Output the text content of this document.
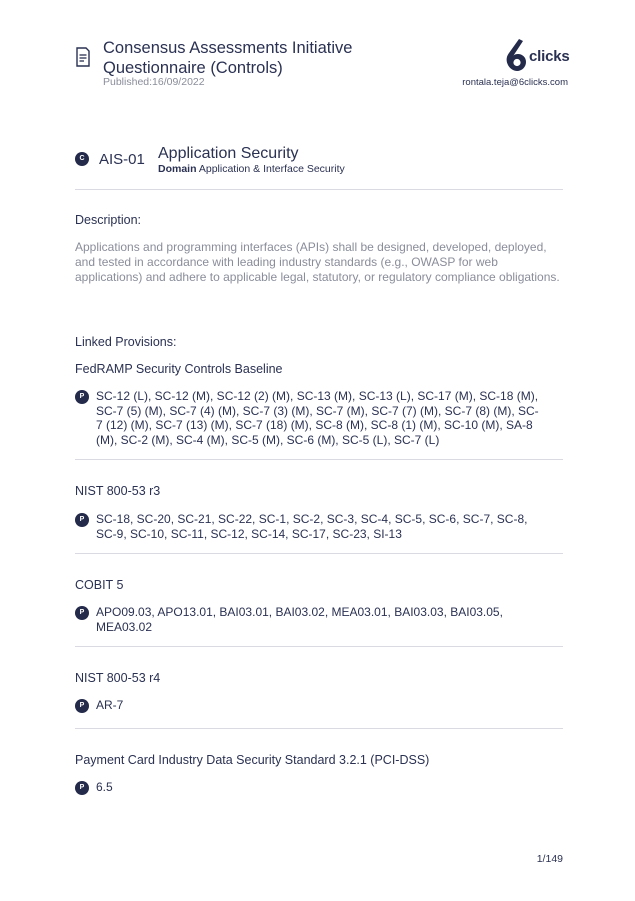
Consensus Assessments Initiative Questionnaire (Controls)
Published:16/09/2022
clicks
rontala.teja@6clicks.com
C AIS-01 Application Security
Domain Application & Interface Security
Description:
Applications and programming interfaces (APIs) shall be designed, developed, deployed, and tested in accordance with leading industry standards (e.g., OWASP for web applications) and adhere to applicable legal, statutory, or regulatory compliance obligations.
Linked Provisions:
FedRAMP Security Controls Baseline
P SC-12 (L), SC-12 (M), SC-12 (2) (M), SC-13 (M), SC-13 (L), SC-17 (M), SC-18 (M), SC-7 (5) (M), SC-7 (4) (M), SC-7 (3) (M), SC-7 (M), SC-7 (7) (M), SC-7 (8) (M), SC-7 (12) (M), SC-7 (13) (M), SC-7 (18) (M), SC-8 (M), SC-8 (1) (M), SC-10 (M), SA-8 (M), SC-2 (M), SC-4 (M), SC-5 (M), SC-6 (M), SC-5 (L), SC-7 (L)
NIST 800-53 r3
P SC-18, SC-20, SC-21, SC-22, SC-1, SC-2, SC-3, SC-4, SC-5, SC-6, SC-7, SC-8, SC-9, SC-10, SC-11, SC-12, SC-14, SC-17, SC-23, SI-13
COBIT 5
P APO09.03, APO13.01, BAI03.01, BAI03.02, MEA03.01, BAI03.03, BAI03.05, MEA03.02
NIST 800-53 r4
P AR-7
Payment Card Industry Data Security Standard 3.2.1 (PCI-DSS)
P 6.5
1/149
